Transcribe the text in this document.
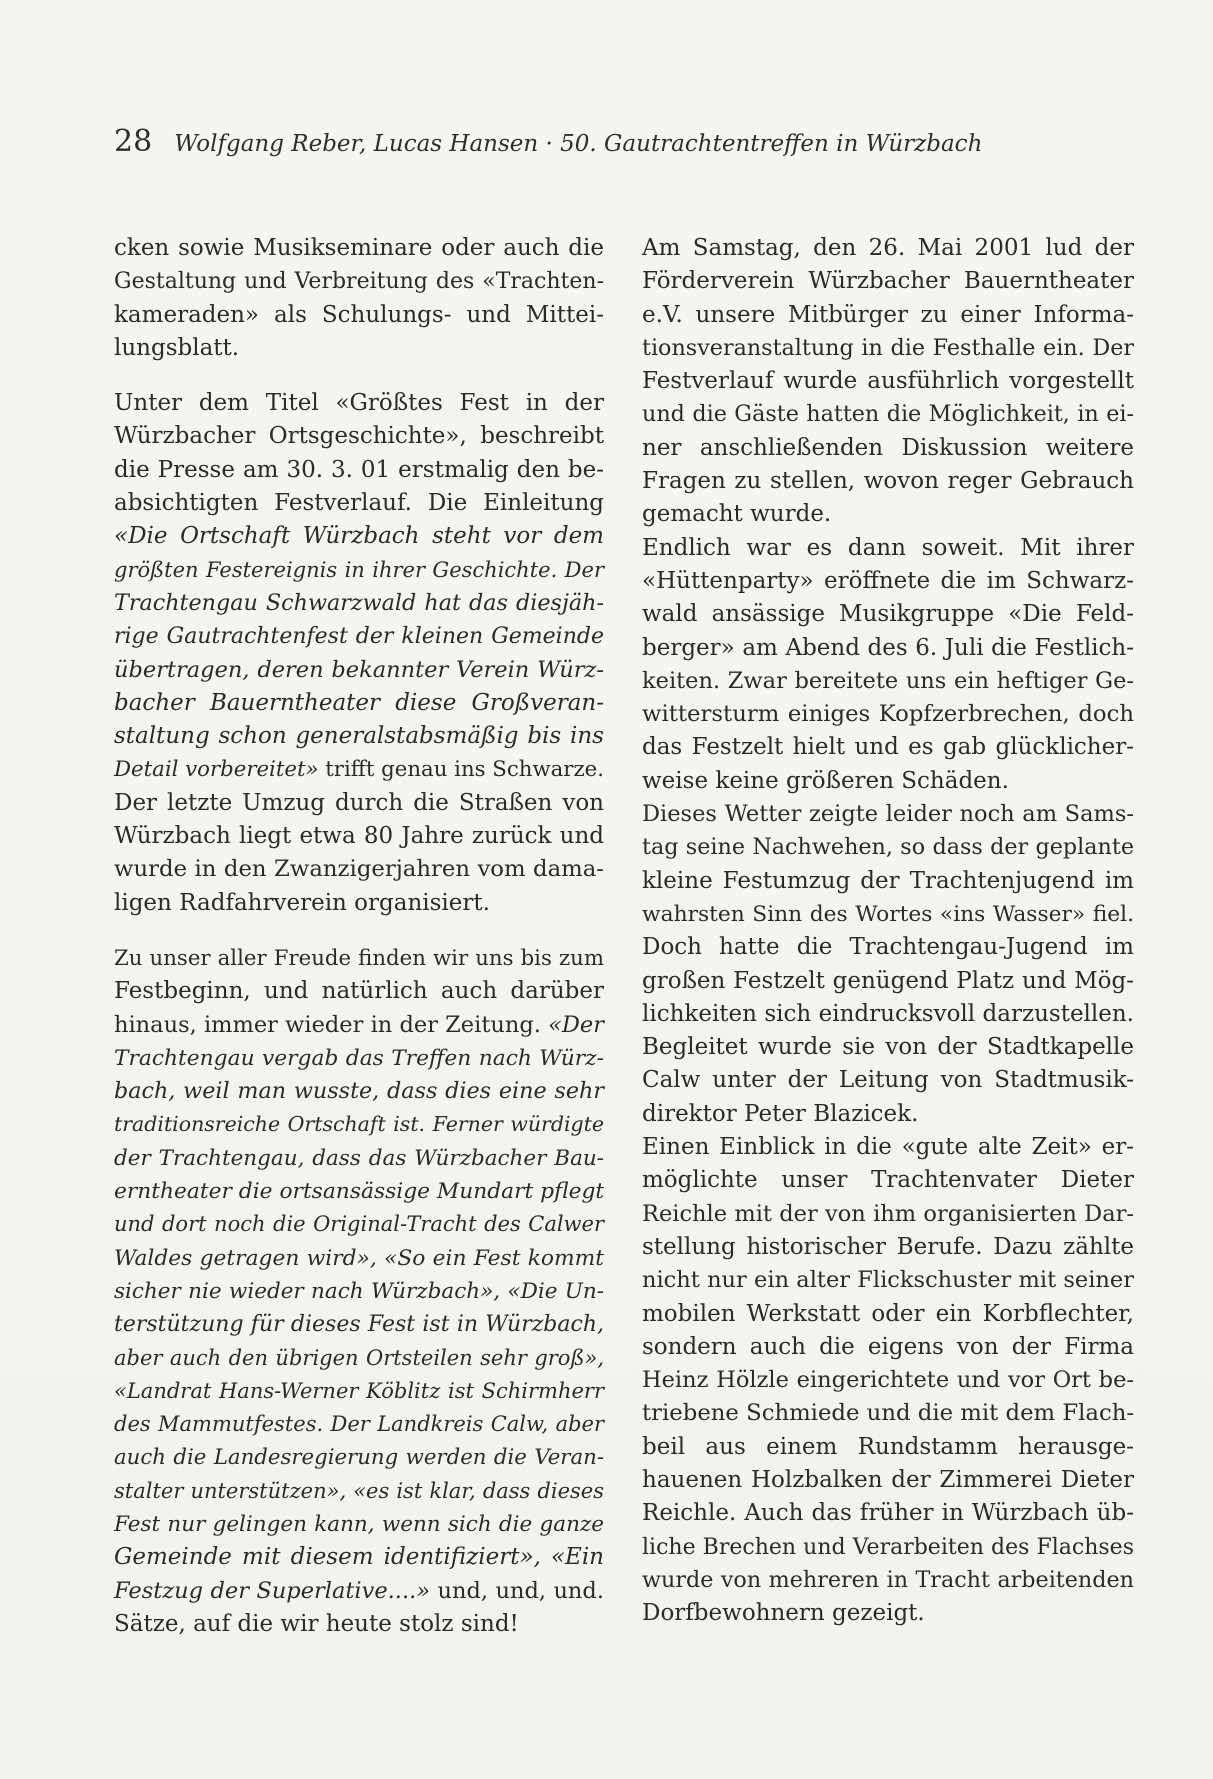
28 Wolfgang Reber, Lucas Hansen · 50. Gautrachtentreffen in Würzbach
cken sowie Musikseminare oder auch die
Gestaltung und Verbreitung des «Trachten-
kameraden» als Schulungs- und Mittei-
lungsblatt.
Unter dem Titel «Größtes Fest in der
Würzbacher Ortsgeschichte», beschreibt
die Presse am 30. 3. 01 erstmalig den be-
absichtigten Festverlauf. Die Einleitung
«Die Ortschaft Würzbach steht vor dem
größten Festereignis in ihrer Geschichte. Der
Trachtengau Schwarzwald hat das diesjäh-
rige Gautrachtenfest der kleinen Gemeinde
übertragen, deren bekannter Verein Würz-
bacher Bauerntheater diese Großveran-
staltung schon generalstabsmäßig bis ins
Detail vorbereitet» trifft genau ins Schwarze.
Der letzte Umzug durch die Straßen von
Würzbach liegt etwa 80 Jahre zurück und
wurde in den Zwanzigerjahren vom dama-
ligen Radfahrverein organisiert.
Zu unser aller Freude finden wir uns bis zum
Festbeginn, und natürlich auch darüber
hinaus, immer wieder in der Zeitung. «Der
Trachtengau vergab das Treffen nach Würz-
bach, weil man wusste, dass dies eine sehr
traditionsreiche Ortschaft ist. Ferner würdigte
der Trachtengau, dass das Würzbacher Bau-
erntheater die ortsansässige Mundart pflegt
und dort noch die Original-Tracht des Calwer
Waldes getragen wird», «So ein Fest kommt
sicher nie wieder nach Würzbach», «Die Un-
terstützung für dieses Fest ist in Würzbach,
aber auch den übrigen Ortsteilen sehr groß»,
«Landrat Hans-Werner Köblitz ist Schirmherr
des Mammutfestes. Der Landkreis Calw, aber
auch die Landesregierung werden die Veran-
stalter unterstützen», «es ist klar, dass dieses
Fest nur gelingen kann, wenn sich die ganze
Gemeinde mit diesem identifiziert», «Ein
Festzug der Superlative....» und, und, und.
Sätze, auf die wir heute stolz sind!
Am Samstag, den 26. Mai 2001 lud der
Förderverein Würzbacher Bauerntheater
e.V. unsere Mitbürger zu einer Informa-
tionsveranstaltung in die Festhalle ein. Der
Festverlauf wurde ausführlich vorgestellt
und die Gäste hatten die Möglichkeit, in ei-
ner anschließenden Diskussion weitere
Fragen zu stellen, wovon reger Gebrauch
gemacht wurde.
Endlich war es dann soweit. Mit ihrer
«Hüttenparty» eröffnete die im Schwarz-
wald ansässige Musikgruppe «Die Feld-
berger» am Abend des 6. Juli die Festlich-
keiten. Zwar bereitete uns ein heftiger Ge-
wittersturm einiges Kopfzerbrechen, doch
das Festzelt hielt und es gab glücklicher-
weise keine größeren Schäden.
Dieses Wetter zeigte leider noch am Sams-
tag seine Nachwehen, so dass der geplante
kleine Festumzug der Trachtenjugend im
wahrsten Sinn des Wortes «ins Wasser» fiel.
Doch hatte die Trachtengau-Jugend im
großen Festzelt genügend Platz und Mög-
lichkeiten sich eindrucksvoll darzustellen.
Begleitet wurde sie von der Stadtkapelle
Calw unter der Leitung von Stadtmusik-
direktor Peter Blazicek.
Einen Einblick in die «gute alte Zeit» er-
möglichte unser Trachtenvater Dieter
Reichle mit der von ihm organisierten Dar-
stellung historischer Berufe. Dazu zählte
nicht nur ein alter Flickschuster mit seiner
mobilen Werkstatt oder ein Korbflechter,
sondern auch die eigens von der Firma
Heinz Hölzle eingerichtete und vor Ort be-
triebene Schmiede und die mit dem Flach-
beil aus einem Rundstamm herausge-
hauenen Holzbalken der Zimmerei Dieter
Reichle. Auch das früher in Würzbach üb-
liche Brechen und Verarbeiten des Flachses
wurde von mehreren in Tracht arbeitenden
Dorfbewohnern gezeigt.
